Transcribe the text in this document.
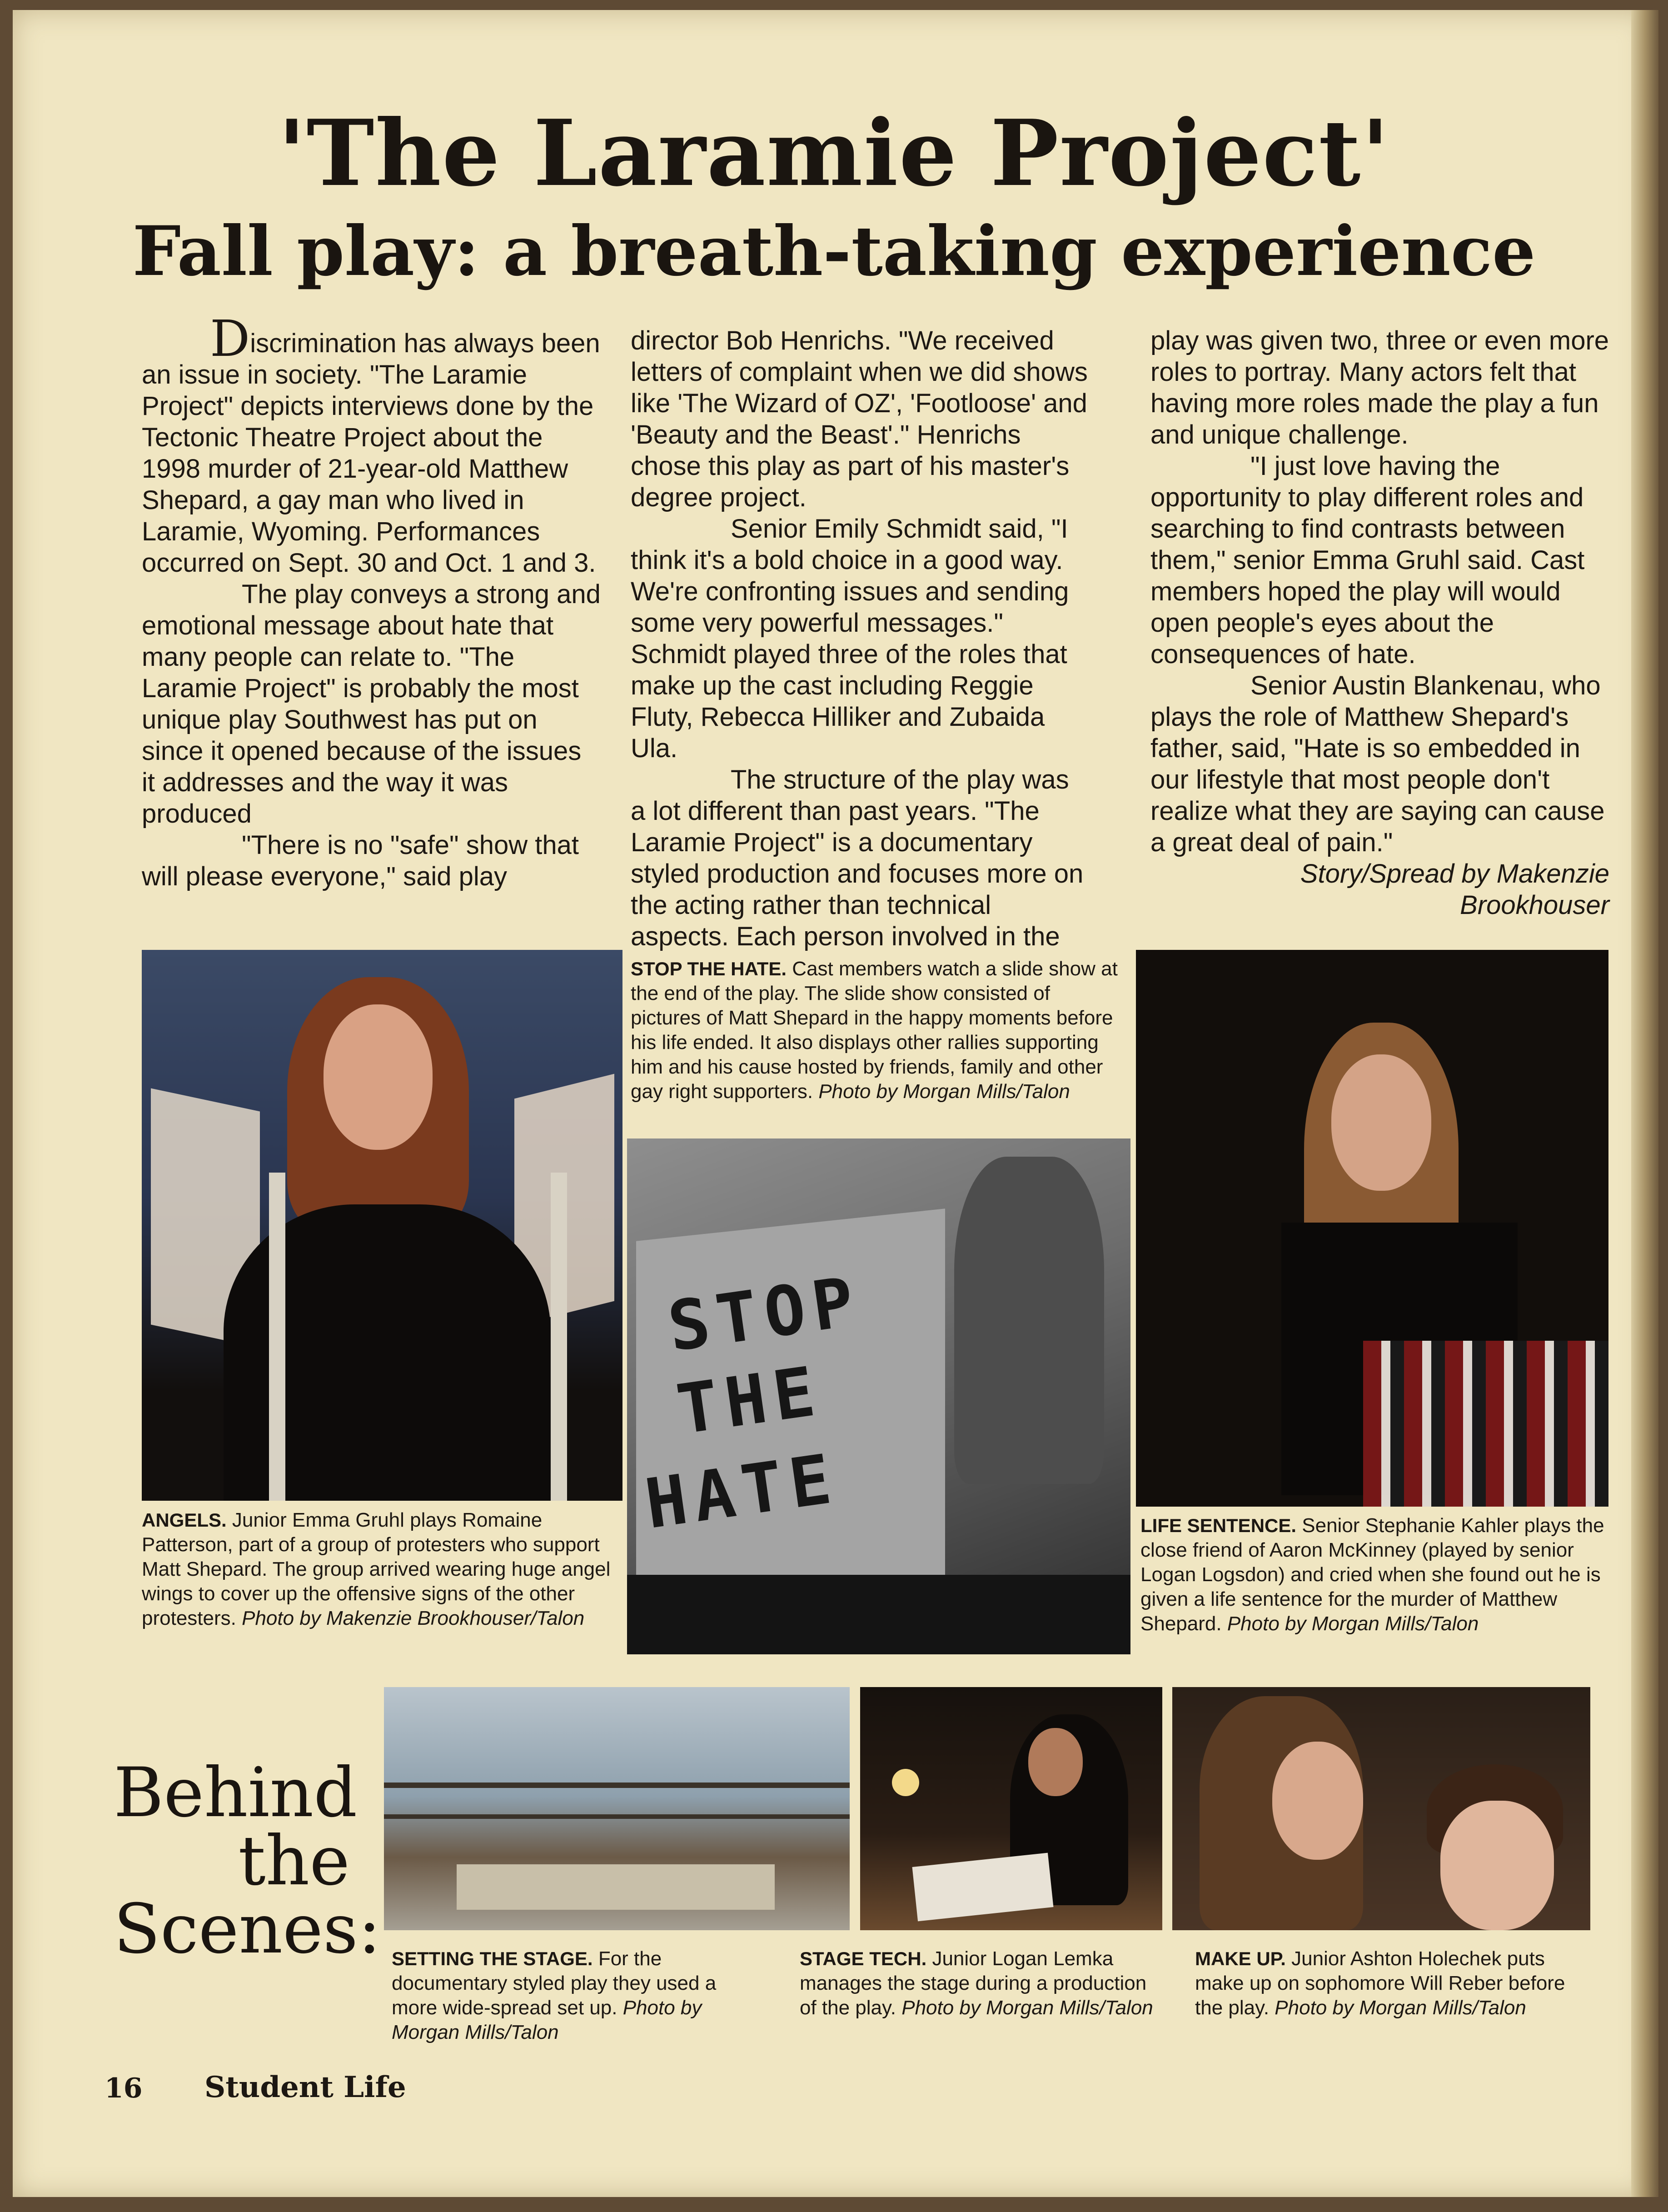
'The Laramie Project'
Fall play: a breath-taking experience

Discrimination has always been an issue in society. "The Laramie Project" depicts interviews done by the Tectonic Theatre Project about the 1998 murder of 21-year-old Matthew Shepard, a gay man who lived in Laramie, Wyoming. Performances occurred on Sept. 30 and Oct. 1 and 3.

The play conveys a strong and emotional message about hate that many people can relate to. "The Laramie Project" is probably the most unique play Southwest has put on since it opened because of the issues it addresses and the way it was produced

"There is no "safe" show that will please everyone," said play

director Bob Henrichs. "We received letters of complaint when we did shows like 'The Wizard of OZ', 'Footloose' and 'Beauty and the Beast'." Henrichs chose this play as part of his master's degree project.

Senior Emily Schmidt said, "I think it's a bold choice in a good way. We're confronting issues and sending some very powerful messages." Schmidt played three of the roles that make up the cast including Reggie Fluty, Rebecca Hilliker and Zubaida Ula.

The structure of the play was a lot different than past years. "The Laramie Project" is a documentary styled production and focuses more on the acting rather than technical aspects. Each person involved in the

play was given two, three or even more roles to portray. Many actors felt that having more roles made the play a fun and unique challenge.

"I just love having the opportunity to play different roles and searching to find contrasts between them," senior Emma Gruhl said. Cast members hoped the play will would open people's eyes about the consequences of hate.

Senior Austin Blankenau, who plays the role of Matthew Shepard's father, said, "Hate is so embedded in our lifestyle that most people don't realize what they are saying can cause a great deal of pain."

Story/Spread by Makenzie Brookhouser

STOP THE HATE. Cast members watch a slide show at the end of the play. The slide show consisted of pictures of Matt Shepard in the happy moments before his life ended. It also displays other rallies supporting him and his cause hosted by friends, family and other gay right supporters. Photo by Morgan Mills/Talon
STOP
THE
HATE
ANGELS. Junior Emma Gruhl plays Romaine Patterson, part of a group of protesters who support Matt Shepard. The group arrived wearing huge angel wings to cover up the offensive signs of the other protesters. Photo by Makenzie Brookhouser/Talon
LIFE SENTENCE. Senior Stephanie Kahler plays the close friend of Aaron McKinney (played by senior Logan Logsdon) and cried when she found out he is given a life sentence for the murder of Matthew Shepard. Photo by Morgan Mills/Talon
Behind
the
Scenes: SETTING THE STAGE. For the documentary styled play they used a more wide-spread set up. Photo by Morgan Mills/Talon
STAGE TECH. Junior Logan Lemka manages the stage during a production of the play. Photo by Morgan Mills/Talon
MAKE UP. Junior Ashton Holechek puts make up on sophomore Will Reber before the play. Photo by Morgan Mills/Talon
16 Student Life
